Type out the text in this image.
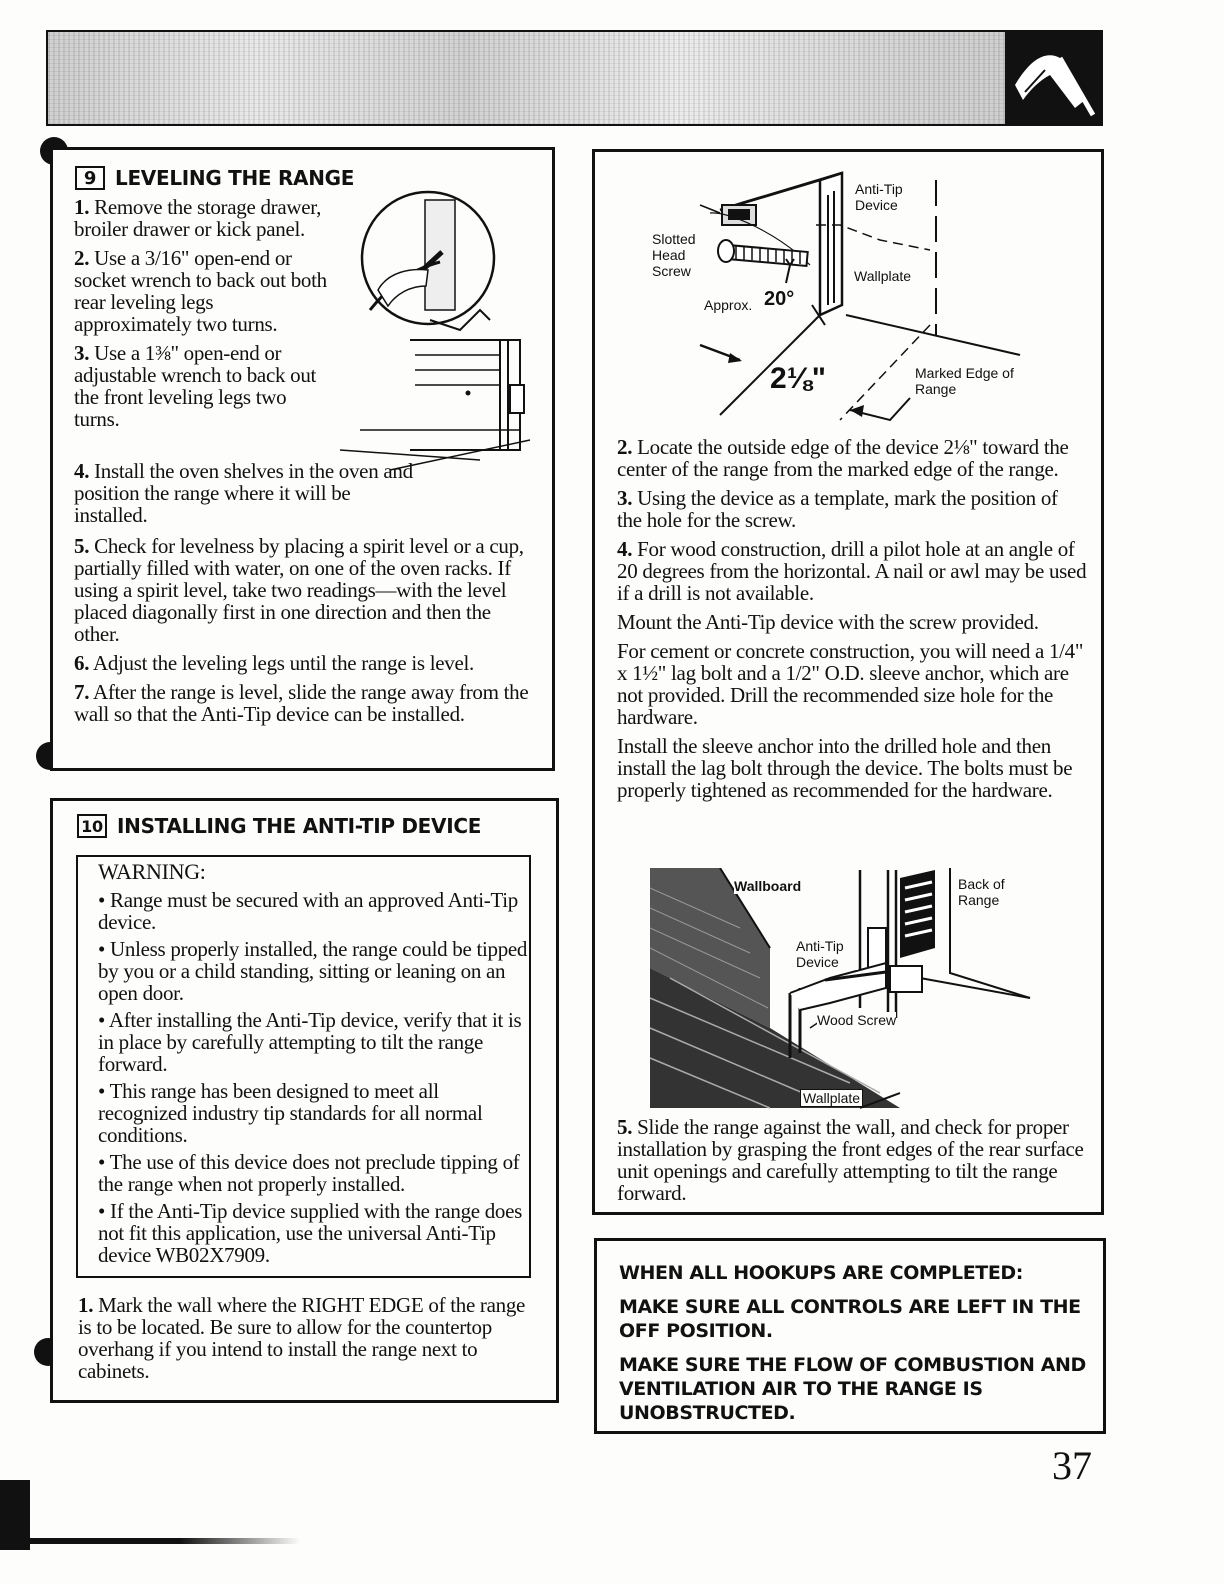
9 LEVELING THE RANGE

1. Remove the storage drawer, broiler drawer or kick panel.

2. Use a 3/16" open-end or socket wrench to back out both rear leveling legs approximately two turns.

3. Use a 1⅜" open-end or adjustable wrench to back out the front leveling legs two turns.

4. Install the oven shelves in the oven and position the range where it will be installed.

5. Check for levelness by placing a spirit level or a cup, partially filled with water, on one of the oven racks. If using a spirit level, take two readings—with the level placed diagonally first in one direction and then the other.

6. Adjust the leveling legs until the range is level.

7. After the range is level, slide the range away from the wall so that the Anti-Tip device can be installed.

10 INSTALLING THE ANTI-TIP DEVICE
WARNING:
• Range must be secured with an approved Anti-Tip device.
• Unless properly installed, the range could be tipped by you or a child standing, sitting or leaning on an open door.
• After installing the Anti-Tip device, verify that it is in place by carefully attempting to tilt the range forward.
• This range has been designed to meet all recognized industry tip standards for all normal conditions.
• The use of this device does not preclude tipping of the range when not properly installed.
• If the Anti-Tip device supplied with the range does not fit this application, use the universal Anti-Tip device WB02X7909.

1. Mark the wall where the RIGHT EDGE of the range is to be located. Be sure to allow for the countertop overhang if you intend to install the range next to cabinets.

Anti-Tip Device
Slotted Head Screw	Wallplate
Approx. 20°
2⅛"	Marked Edge of Range

2. Locate the outside edge of the device 2⅛" toward the center of the range from the marked edge of the range.

3. Using the device as a template, mark the position of the hole for the screw.

4. For wood construction, drill a pilot hole at an angle of 20 degrees from the horizontal. A nail or awl may be used if a drill is not available.

Mount the Anti-Tip device with the screw provided.

For cement or concrete construction, you will need a 1/4" x 1½" lag bolt and a 1/2" O.D. sleeve anchor, which are not provided. Drill the recommended size hole for the hardware.

Install the sleeve anchor into the drilled hole and then install the lag bolt through the device. The bolts must be properly tightened as recommended for the hardware.

Wallboard	Back of Range
Anti-Tip Device
Wood Screw
Wallplate

5. Slide the range against the wall, and check for proper installation by grasping the front edges of the rear surface unit openings and carefully attempting to tilt the range forward.

WHEN ALL HOOKUPS ARE COMPLETED:
MAKE SURE ALL CONTROLS ARE LEFT IN THE OFF POSITION.
MAKE SURE THE FLOW OF COMBUSTION AND VENTILATION AIR TO THE RANGE IS UNOBSTRUCTED.
37
